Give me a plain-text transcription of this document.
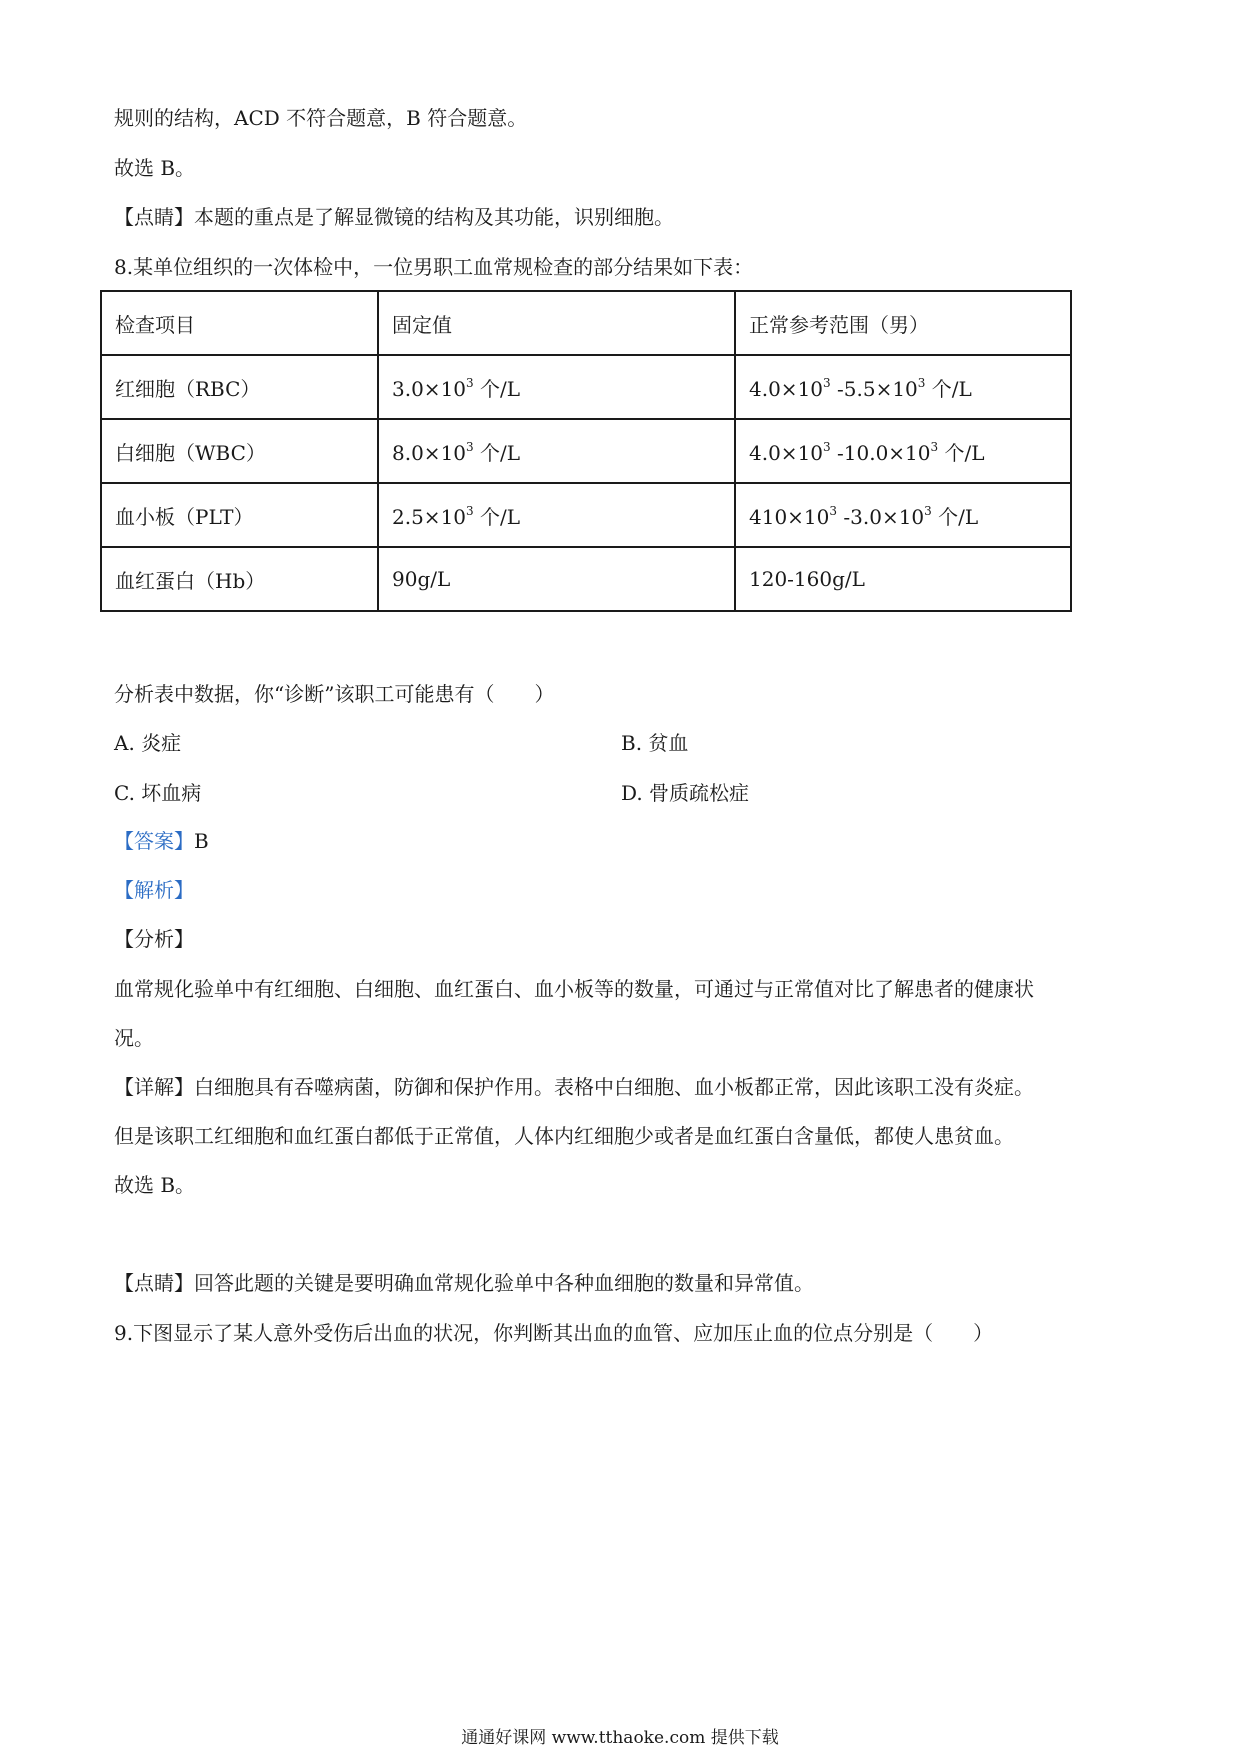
规则的结构，ACD 不符合题意，B 符合题意。
故选 B。
【点睛】本题的重点是了解显微镜的结构及其功能，识别细胞。
8.某单位组织的一次体检中，一位男职工血常规检查的部分结果如下表：
检查项目	固定值	正常参考范围（男）
红细胞（RBC）	$3.0\times 10^3$ 个/L	$4.0\times 10^3$ $-5.5\times 10^3$ 个/L
白细胞（WBC）	$8.0\times 10^3$ 个/L	$4.0\times 10^3$ $-10.0\times 10^3$ 个/L
血小板（PLT）	$2.5\times 10^3$ 个/L	$410\times 10^3$ $-3.0\times 10^3$ 个/L
血红蛋白（Hb）	90g/L	120-160g/L
分析表中数据，你“诊断”该职工可能患有（　　）
A. 炎症	B. 贫血
C. 坏血病	D. 骨质疏松症
【答案】B
【解析】
【分析】
血常规化验单中有红细胞、白细胞、血红蛋白、血小板等的数量，可通过与正常值对比了解患者的健康状
况。
【详解】白细胞具有吞噬病菌，防御和保护作用。表格中白细胞、血小板都正常，因此该职工没有炎症。
但是该职工红细胞和血红蛋白都低于正常值，人体内红细胞少或者是血红蛋白含量低，都使人患贫血。
故选 B。
【点睛】回答此题的关键是要明确血常规化验单中各种血细胞的数量和异常值。
9.下图显示了某人意外受伤后出血的状况，你判断其出血的血管、应加压止血的位点分别是（　　）
通通好课网 www.tthaoke.com 提供下载
